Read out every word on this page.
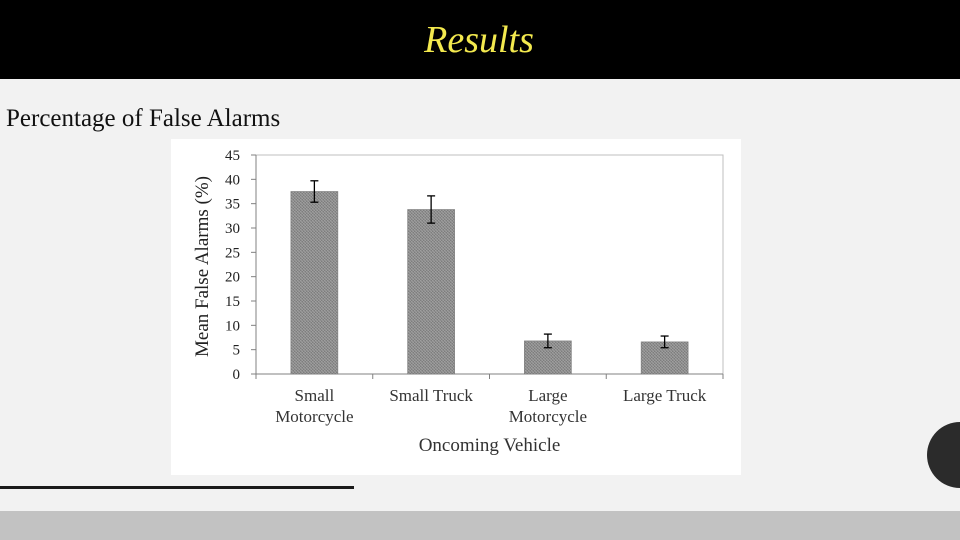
Results
Percentage of False Alarms
0
5
10
15
20
25
30
35
40
45
Small Motorcycle
Small Truck	Large Motorcycle
Large Truck
Oncoming Vehicle
Mean False Alarms (%)
